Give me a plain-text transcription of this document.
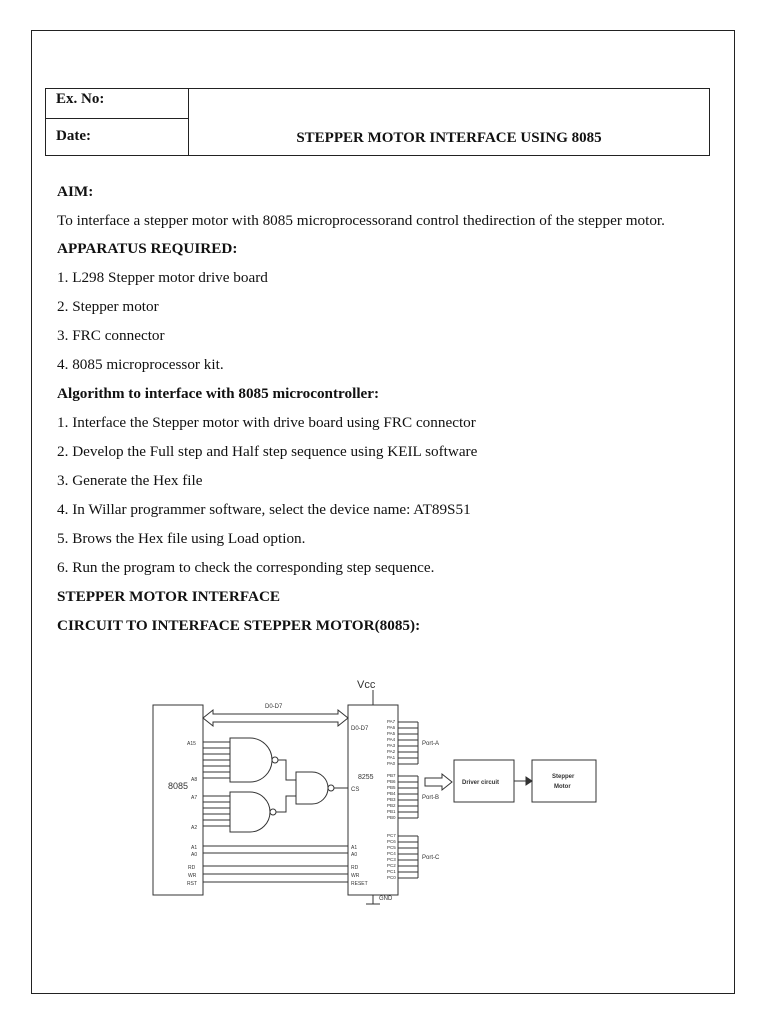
Ex. No:
Date:	STEPPER MOTOR INTERFACE USING 8085

AIM:

To interface a stepper motor with 8085 microprocessorand control thedirection of the stepper motor.

APPARATUS REQUIRED:

1. L298 Stepper motor drive board

2. Stepper motor

3. FRC connector

4. 8085 microprocessor kit.

Algorithm to interface with 8085 microcontroller:

1. Interface the Stepper motor with drive board using FRC connector

2. Develop the Full step and Half step sequence using KEIL software

3. Generate the Hex file

4. In Willar programmer software, select the device name: AT89S51

5. Brows the Hex file using Load option.

6. Run the program to check the corresponding step sequence.

STEPPER MOTOR INTERFACE

CIRCUIT TO INTERFACE STEPPER MOTOR(8085):

Vcc
8085
8255
D0-D7
D0-D7
CS
GND
Port-A
Port-B
Port-C
Driver circuit
Stepper
Motor
A15
A8
A7
A2
A1
A0
RD
WR
RST
A1
A0
RD
WR
RESET
PA7
PA6
PA5
PA4
PA3
PA2
PA1
PA0
PB7
PB6
PB5
PB4
PB3
PB2
PB1
PB0
PC7
PC6
PC5
PC4
PC3
PC2
PC1
PC0
